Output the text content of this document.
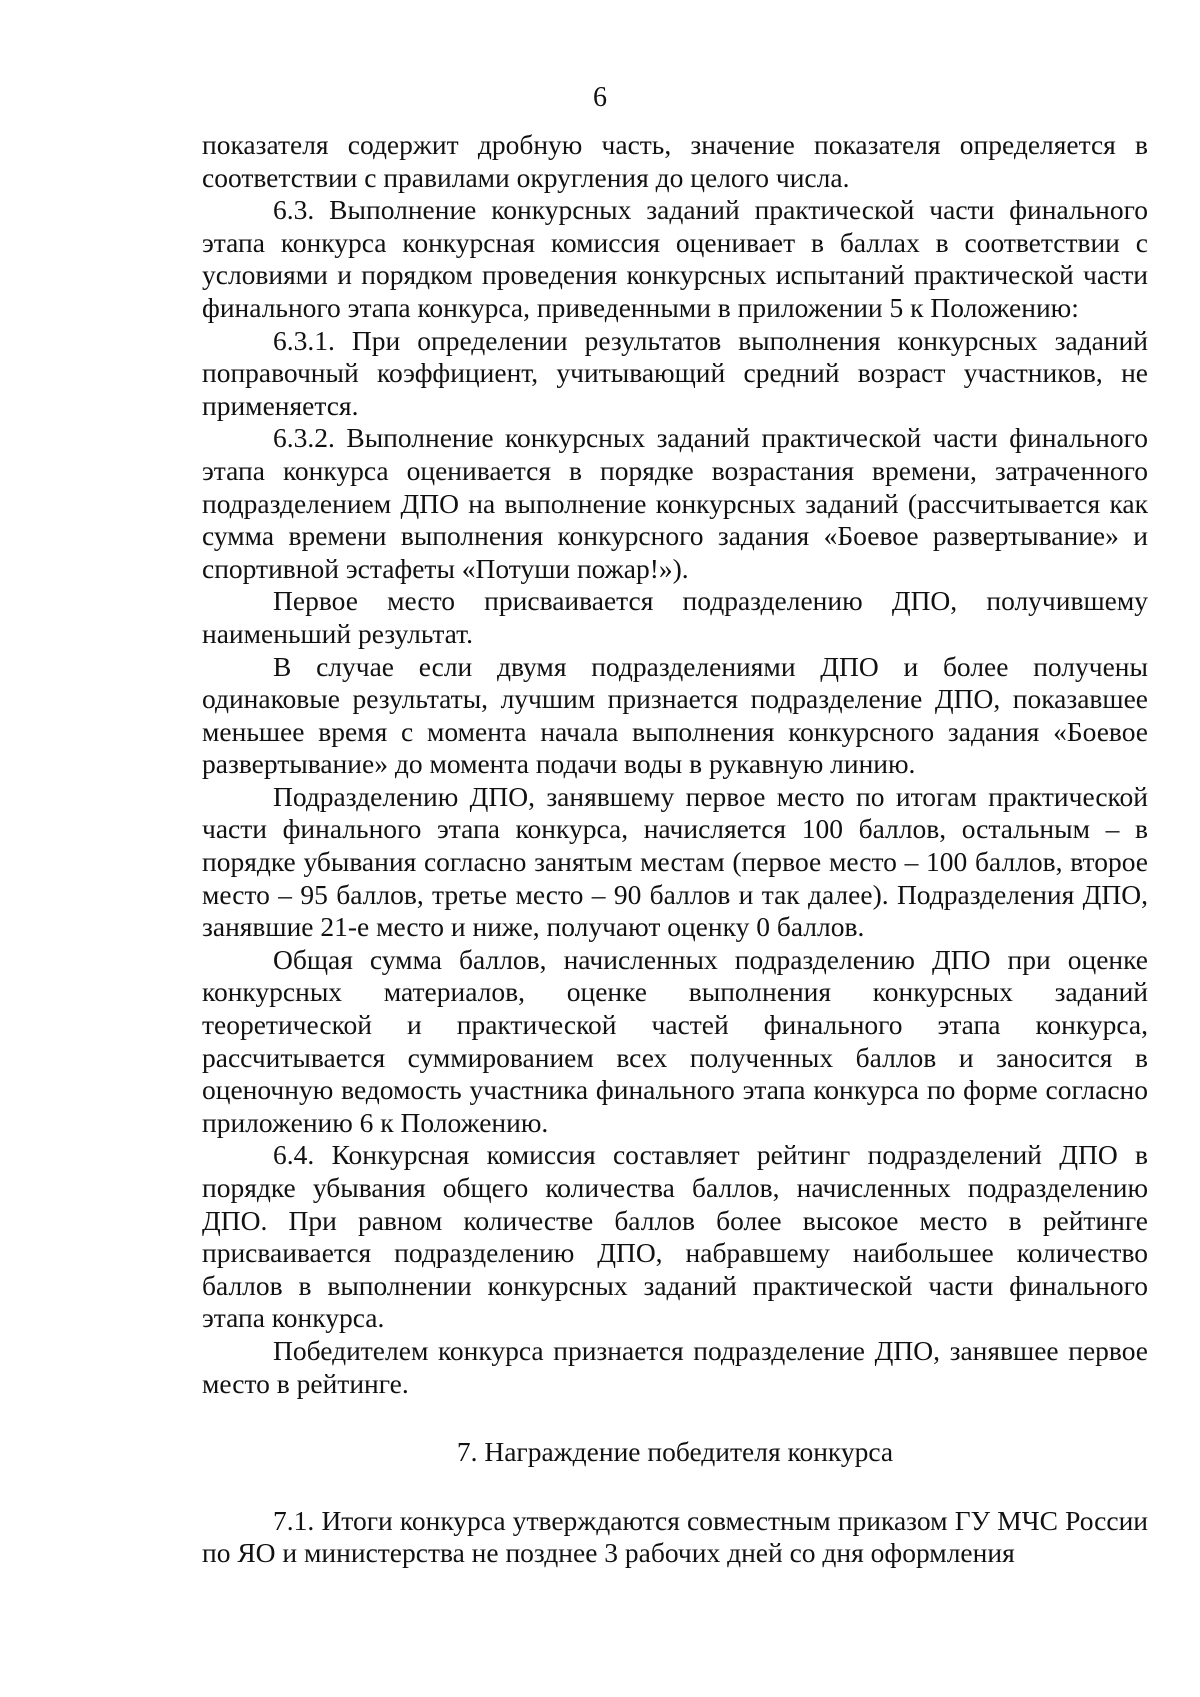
6

показателя содержит дробную часть, значение показателя определяется в соответствии с правилами округления до целого числа.

6.3. Выполнение конкурсных заданий практической части финального этапа конкурса конкурсная комиссия оценивает в баллах в соответствии с условиями и порядком проведения конкурсных испытаний практической части финального этапа конкурса, приведенными в приложении 5 к Положению:

6.3.1. При определении результатов выполнения конкурсных заданий поправочный коэффициент, учитывающий средний возраст участников, не применяется.

6.3.2. Выполнение конкурсных заданий практической части финального этапа конкурса оценивается в порядке возрастания времени, затраченного подразделением ДПО на выполнение конкурсных заданий (рассчитывается как сумма времени выполнения конкурсного задания «Боевое развертывание» и спортивной эстафеты «Потуши пожар!»).

Первое место присваивается подразделению ДПО, получившему наименьший результат.

В случае если двумя подразделениями ДПО и более получены одинаковые результаты, лучшим признается подразделение ДПО, показавшее меньшее время с момента начала выполнения конкурсного задания «Боевое развертывание» до момента подачи воды в рукавную линию.

Подразделению ДПО, занявшему первое место по итогам практической части финального этапа конкурса, начисляется 100 баллов, остальным – в порядке убывания согласно занятым местам (первое место – 100 баллов, второе место – 95 баллов, третье место – 90 баллов и так далее). Подразделения ДПО, занявшие 21-е место и ниже, получают оценку 0 баллов.

Общая сумма баллов, начисленных подразделению ДПО при оценке конкурсных материалов, оценке выполнения конкурсных заданий теоретической и практической частей финального этапа конкурса, рассчитывается суммированием всех полученных баллов и заносится в оценочную ведомость участника финального этапа конкурса по форме согласно приложению 6 к Положению.

6.4. Конкурсная комиссия составляет рейтинг подразделений ДПО в порядке убывания общего количества баллов, начисленных подразделению ДПО. При равном количестве баллов более высокое место в рейтинге присваивается подразделению ДПО, набравшему наибольшее количество баллов в выполнении конкурсных заданий практической части финального этапа конкурса.

Победителем конкурса признается подразделение ДПО, занявшее первое место в рейтинге.

7. Награждение победителя конкурса

7.1. Итоги конкурса утверждаются совместным приказом ГУ МЧС России по ЯО и министерства не позднее 3 рабочих дней со дня оформления
